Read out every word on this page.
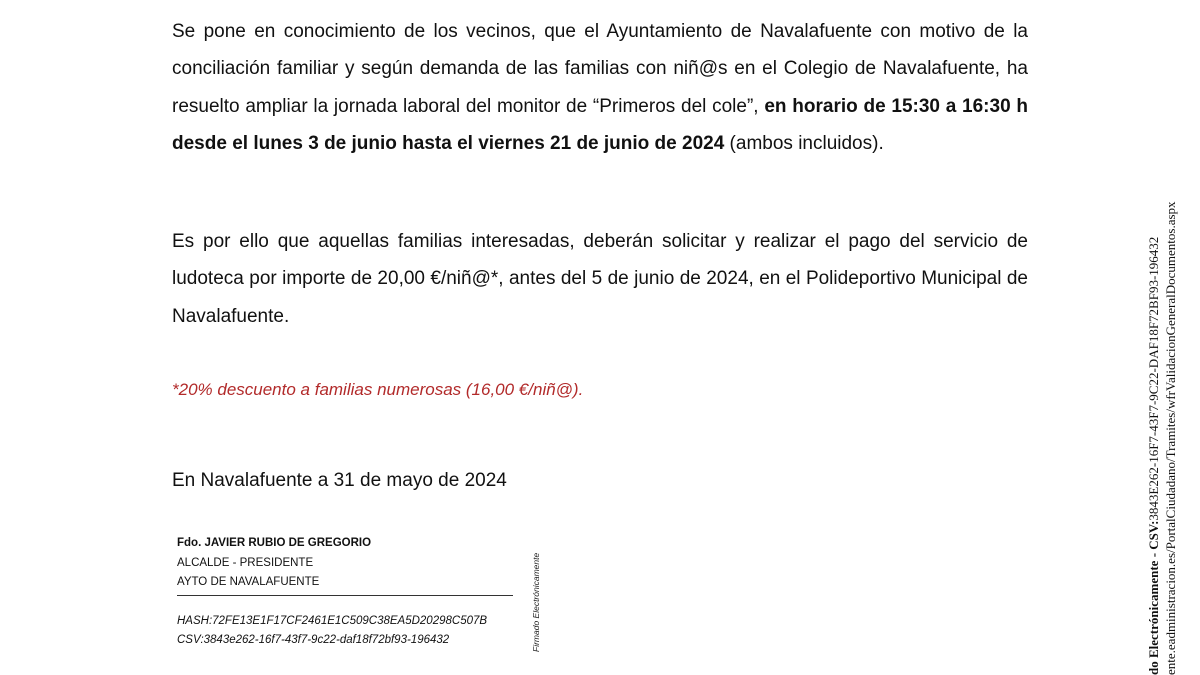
Se pone en conocimiento de los vecinos, que el Ayuntamiento de Navalafuente con motivo de la conciliación familiar y según demanda de las familias con niñ@s en el Colegio de Navalafuente, ha resuelto ampliar la jornada laboral del monitor de “Primeros del cole”, en horario de 15:30 a 16:30 h desde el lunes 3 de junio hasta el viernes 21 de junio de 2024 (ambos incluidos).

Es por ello que aquellas familias interesadas, deberán solicitar y realizar el pago del servicio de ludoteca por importe de 20,00 €/niñ@*, antes del 5 de junio de 2024, en el Polideportivo Municipal de Navalafuente.

*20% descuento a familias numerosas (16,00 €/niñ@).

En Navalafuente a 31 de mayo de 2024

Fdo. JAVIER RUBIO DE GREGORIO
ALCALDE - PRESIDENTE
AYTO DE NAVALAFUENTE
HASH:72FE13E1F17CF2461E1C509C38EA5D20298C507B
CSV:3843e262-16f7-43f7-9c22-daf18f72bf93-196432	Firmado Electrónicamente	do Electrónicamente - CSV:3843E262-16F7-43F7-9C22-DAF18F72BF93-196432 ente.eadministracion.es/PortalCiudadano/Tramites/wfrValidacionGeneralDocumentos.aspx
